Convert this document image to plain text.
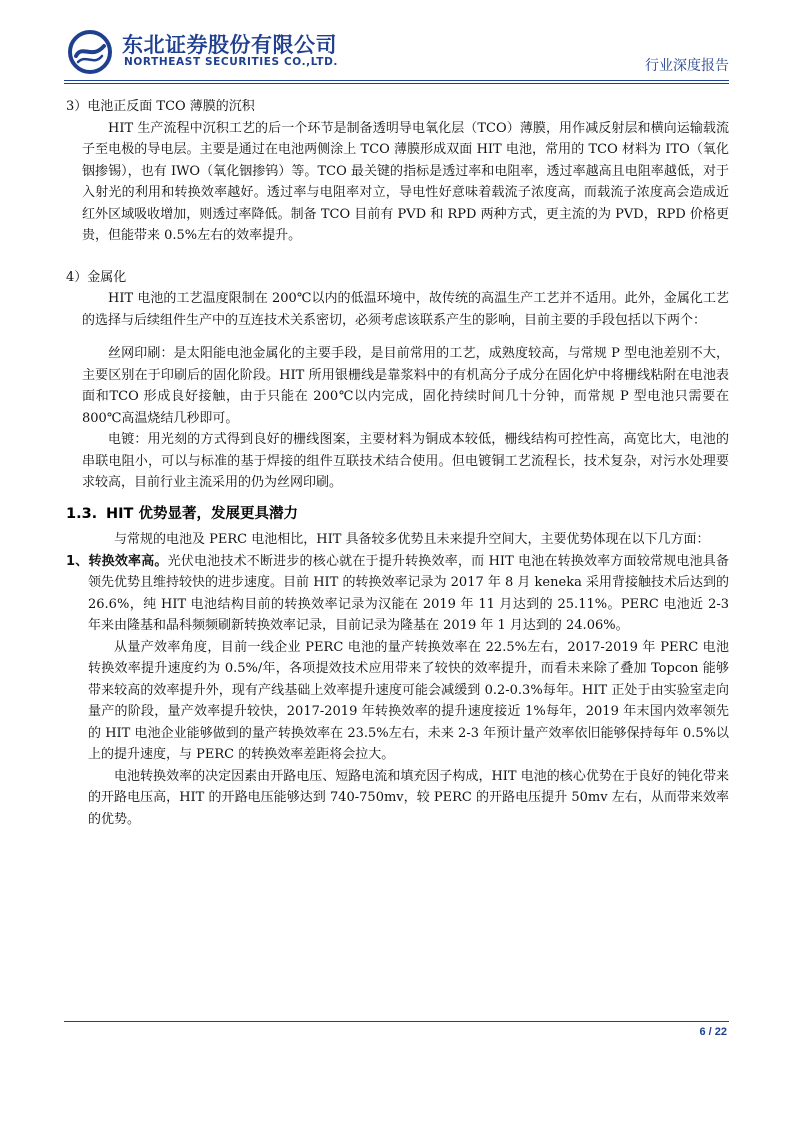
东北证券股份有限公司
NORTHEAST SECURITIES CO.,LTD.	行业深度报告

3）电池正反面 TCO 薄膜的沉积

HIT 生产流程中沉积工艺的后一个环节是制备透明导电氧化层（TCO）薄膜，用作减反射层和横向运输载流子至电极的导电层。主要是通过在电池两侧涂上 TCO 薄膜形成双面 HIT 电池，常用的 TCO 材料为 ITO（氧化铟掺锡），也有 IWO（氧化铟掺钨）等。TCO 最关键的指标是透过率和电阻率，透过率越高且电阻率越低，对于入射光的利用和转换效率越好。透过率与电阻率对立，导电性好意味着载流子浓度高，而载流子浓度高会造成近红外区域吸收增加，则透过率降低。制备 TCO 目前有 PVD 和 RPD 两种方式，更主流的为 PVD，RPD 价格更贵，但能带来 0.5%左右的效率提升。

4）金属化

HIT 电池的工艺温度限制在 200℃以内的低温环境中，故传统的高温生产工艺并不适用。此外，金属化工艺的选择与后续组件生产中的互连技术关系密切，必须考虑该联系产生的影响，目前主要的手段包括以下两个：

丝网印刷：是太阳能电池金属化的主要手段，是目前常用的工艺，成熟度较高，与常规 P 型电池差别不大，主要区别在于印刷后的固化阶段。HIT 所用银栅线是靠浆料中的有机高分子成分在固化炉中将栅线粘附在电池表面和TCO 形成良好接触，由于只能在 200℃以内完成，固化持续时间几十分钟，而常规 P 型电池只需要在 800℃高温烧结几秒即可。

电镀：用光刻的方式得到良好的栅线图案，主要材料为铜成本较低，栅线结构可控性高，高宽比大，电池的串联电阻小，可以与标准的基于焊接的组件互联技术结合使用。但电镀铜工艺流程长，技术复杂，对污水处理要求较高，目前行业主流采用的仍为丝网印刷。

1.3. HIT 优势显著，发展更具潜力

与常规的电池及 PERC 电池相比，HIT 具备较多优势且未来提升空间大，主要优势体现在以下几方面：

1、转换效率高。光伏电池技术不断进步的核心就在于提升转换效率，而 HIT 电池在转换效率方面较常规电池具备领先优势且维持较快的进步速度。目前 HIT 的转换效率记录为 2017 年 8 月 keneka 采用背接触技术后达到的 26.6%，纯 HIT 电池结构目前的转换效率记录为汉能在 2019 年 11 月达到的 25.11%。PERC 电池近 2-3 年来由隆基和晶科频频刷新转换效率记录，目前记录为隆基在 2019 年 1 月达到的 24.06%。

从量产效率角度，目前一线企业 PERC 电池的量产转换效率在 22.5%左右，2017-2019 年 PERC 电池转换效率提升速度约为 0.5%/年，各项提效技术应用带来了较快的效率提升，而看未来除了叠加 Topcon 能够带来较高的效率提升外，现有产线基础上效率提升速度可能会减缓到 0.2-0.3%每年。HIT 正处于由实验室走向量产的阶段，量产效率提升较快，2017-2019 年转换效率的提升速度接近 1%每年，2019 年末国内效率领先的 HIT 电池企业能够做到的量产转换效率在 23.5%左右，未来 2-3 年预计量产效率依旧能够保持每年 0.5%以上的提升速度，与 PERC 的转换效率差距将会拉大。

电池转换效率的决定因素由开路电压、短路电流和填充因子构成，HIT 电池的核心优势在于良好的钝化带来的开路电压高，HIT 的开路电压能够达到 740-750mv，较 PERC 的开路电压提升 50mv 左右，从而带来效率的优势。

6 / 22
